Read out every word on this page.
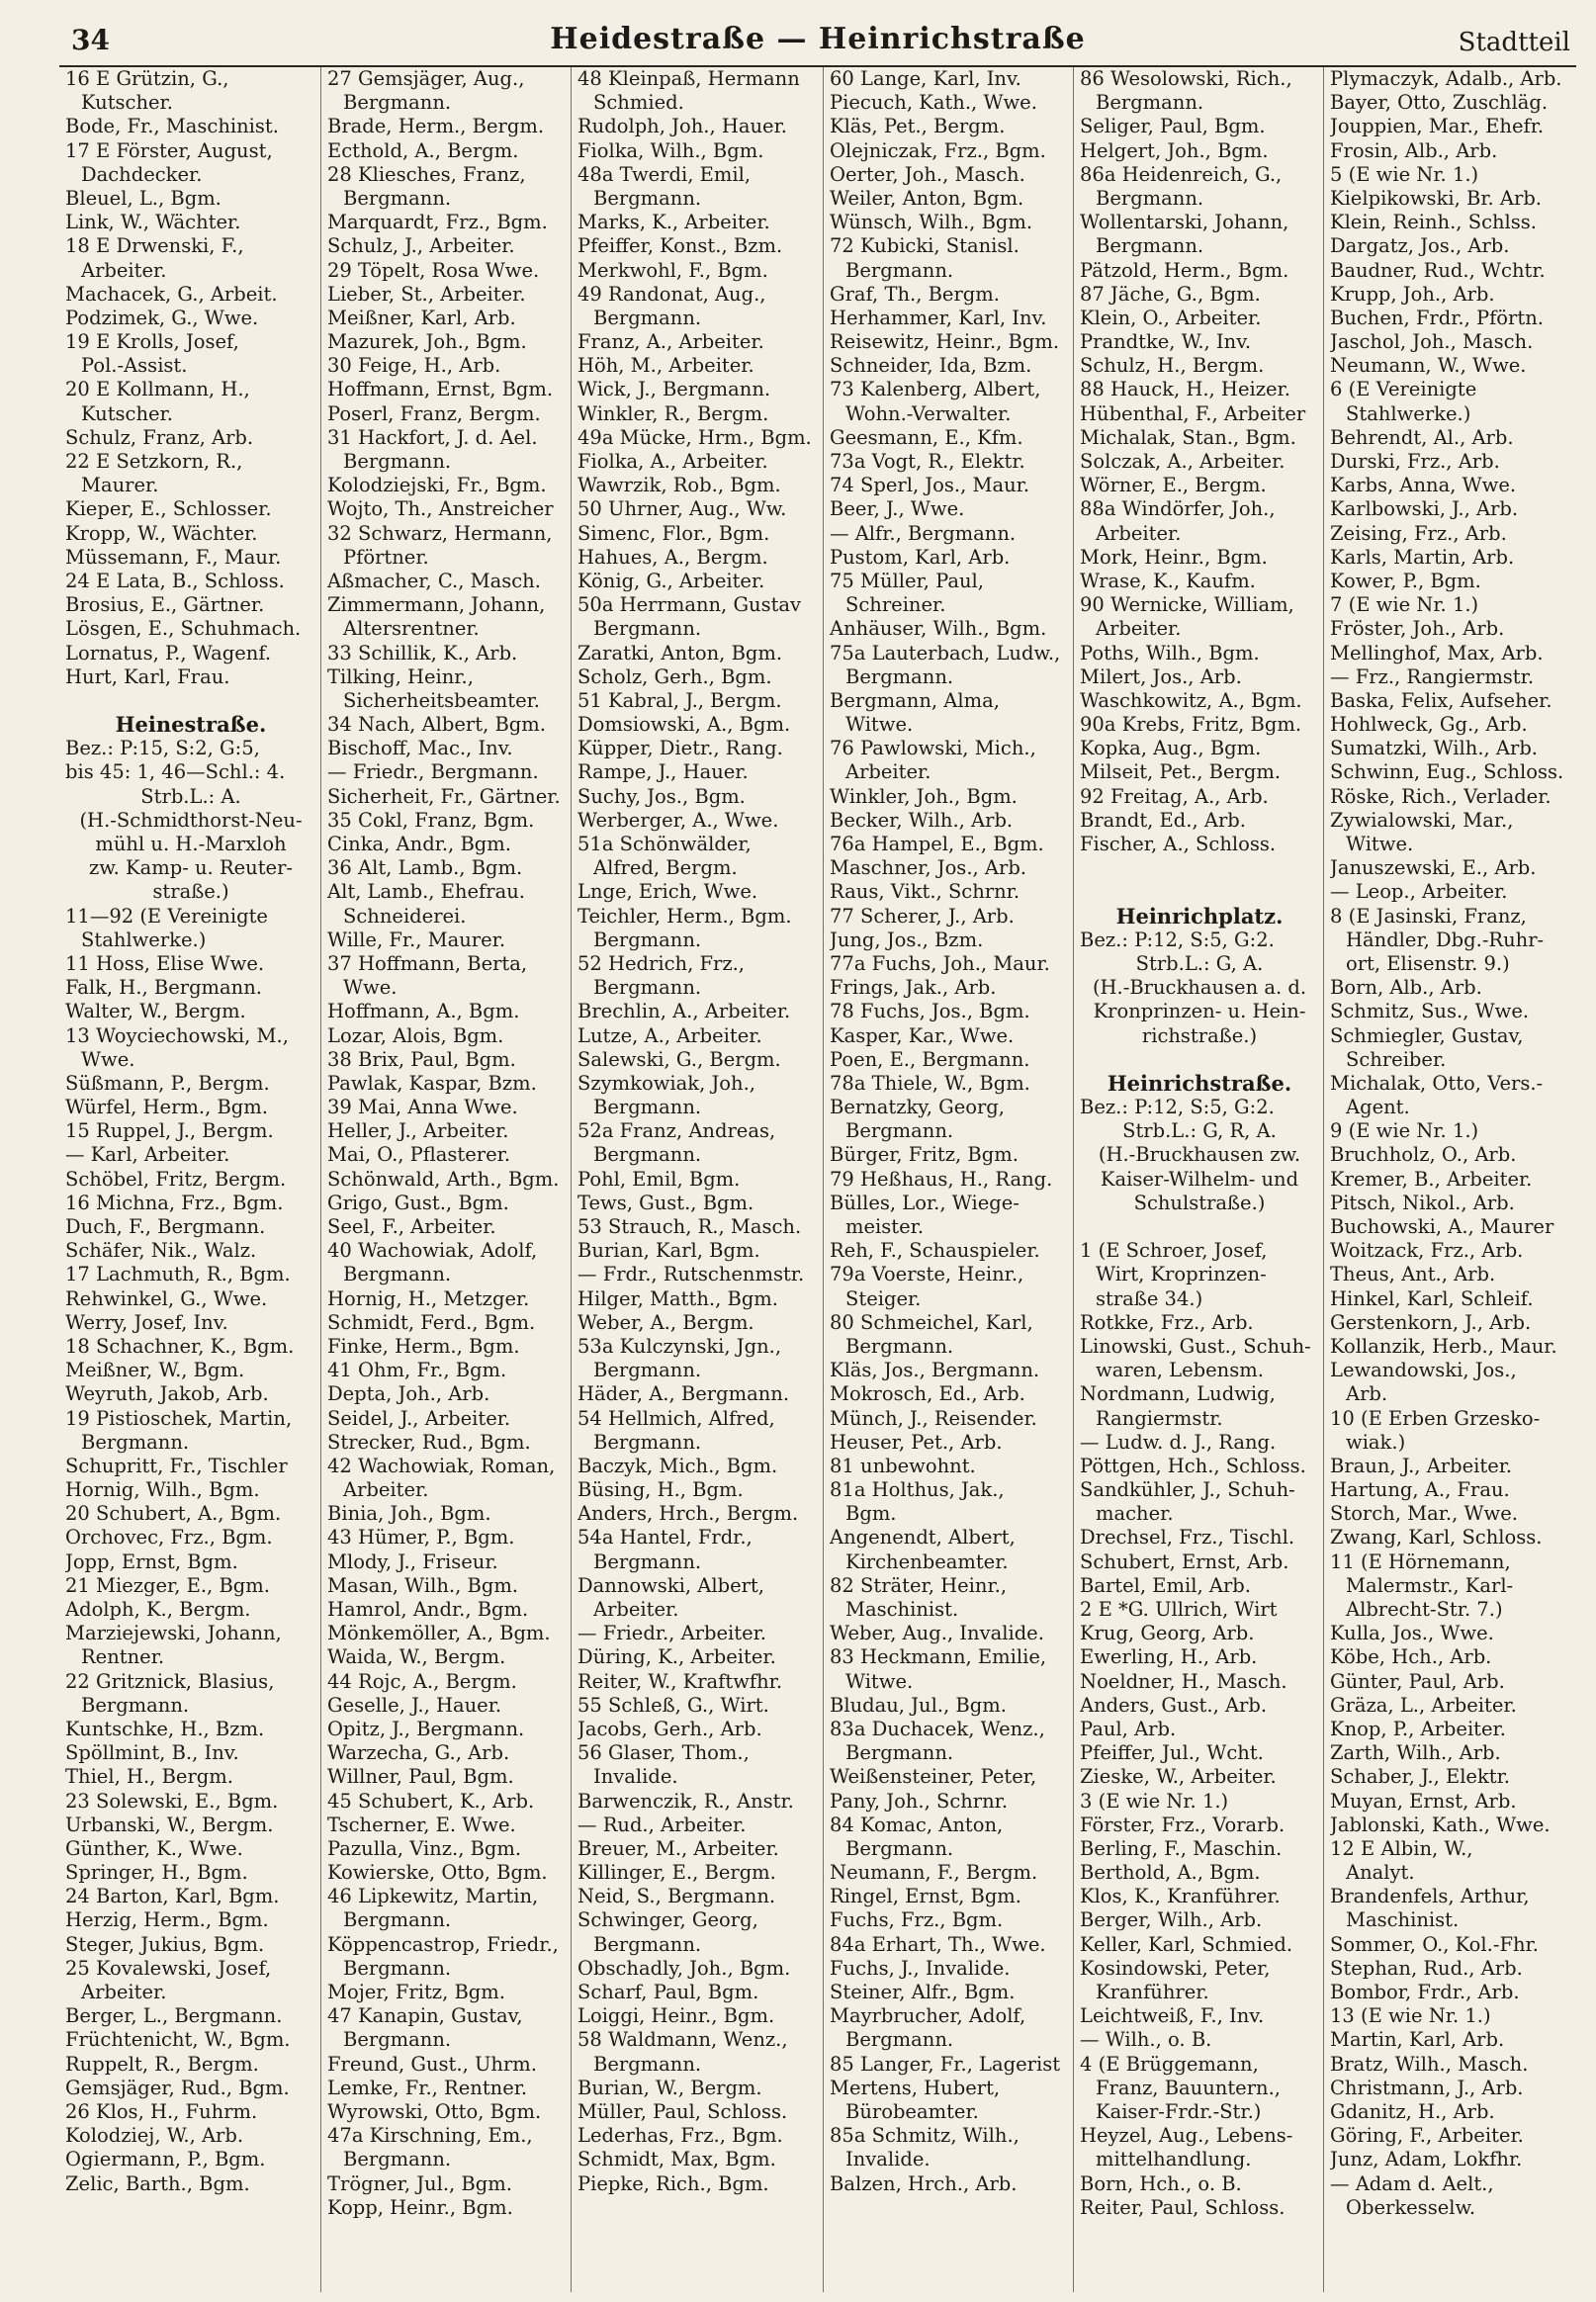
34	Heidestraße — Heinrichstraße	Stadtteil
16 E Grützin, G.,
Kutscher.
Bode, Fr., Maschinist.
17 E Förster, August,
Dachdecker.
Bleuel, L., Bgm.
Link, W., Wächter.
18 E Drwenski, F.,
Arbeiter.
Machacek, G., Arbeit.
Podzimek, G., Wwe.
19 E Krolls, Josef,
Pol.-Assist.
20 E Kollmann, H.,
Kutscher.
Schulz, Franz, Arb.
22 E Setzkorn, R.,
Maurer.
Kieper, E., Schlosser.
Kropp, W., Wächter.
Müssemann, F., Maur.
24 E Lata, B., Schloss.
Brosius, E., Gärtner.
Lösgen, E., Schuhmach.
Lornatus, P., Wagenf.
Hurt, Karl, Frau.
Heinestraße.
Bez.: P:15, S:2, G:5,
bis 45: 1, 46—Schl.: 4.
Strb.L.: A.
(H.-Schmidthorst-Neu-
mühl u. H.-Marxloh
zw. Kamp- u. Reuter-
straße.)
11—92 (E Vereinigte
Stahlwerke.)
11 Hoss, Elise Wwe.
Falk, H., Bergmann.
Walter, W., Bergm.
13 Woyciechowski, M.,
Wwe.
Süßmann, P., Bergm.
Würfel, Herm., Bgm.
15 Ruppel, J., Bergm.
— Karl, Arbeiter.
Schöbel, Fritz, Bergm.
16 Michna, Frz., Bgm.
Duch, F., Bergmann.
Schäfer, Nik., Walz.
17 Lachmuth, R., Bgm.
Rehwinkel, G., Wwe.
Werry, Josef, Inv.
18 Schachner, K., Bgm.
Meißner, W., Bgm.
Weyruth, Jakob, Arb.
19 Pistioschek, Martin,
Bergmann.
Schupritt, Fr., Tischler
Hornig, Wilh., Bgm.
20 Schubert, A., Bgm.
Orchovec, Frz., Bgm.
Jopp, Ernst, Bgm.
21 Miezger, E., Bgm.
Adolph, K., Bergm.
Marziejewski, Johann,
Rentner.
22 Gritznick, Blasius,
Bergmann.
Kuntschke, H., Bzm.
Spöllmint, B., Inv.
Thiel, H., Bergm.
23 Solewski, E., Bgm.
Urbanski, W., Bergm.
Günther, K., Wwe.
Springer, H., Bgm.
24 Barton, Karl, Bgm.
Herzig, Herm., Bgm.
Steger, Jukius, Bgm.
25 Kovalewski, Josef,
Arbeiter.
Berger, L., Bergmann.
Früchtenicht, W., Bgm.
Ruppelt, R., Bergm.
Gemsjäger, Rud., Bgm.
26 Klos, H., Fuhrm.
Kolodziej, W., Arb.
Ogiermann, P., Bgm.
Zelic, Barth., Bgm.
27 Gemsjäger, Aug.,
Bergmann.
Brade, Herm., Bergm.
Ecthold, A., Bergm.
28 Kliesches, Franz,
Bergmann.
Marquardt, Frz., Bgm.
Schulz, J., Arbeiter.
29 Töpelt, Rosa Wwe.
Lieber, St., Arbeiter.
Meißner, Karl, Arb.
Mazurek, Joh., Bgm.
30 Feige, H., Arb.
Hoffmann, Ernst, Bgm.
Poserl, Franz, Bergm.
31 Hackfort, J. d. Ael.
Bergmann.
Kolodziejski, Fr., Bgm.
Wojto, Th., Anstreicher
32 Schwarz, Hermann,
Pförtner.
Aßmacher, C., Masch.
Zimmermann, Johann,
Altersrentner.
33 Schillik, K., Arb.
Tilking, Heinr.,
Sicherheitsbeamter.
34 Nach, Albert, Bgm.
Bischoff, Mac., Inv.
— Friedr., Bergmann.
Sicherheit, Fr., Gärtner.
35 Cokl, Franz, Bgm.
Cinka, Andr., Bgm.
36 Alt, Lamb., Bgm.
Alt, Lamb., Ehefrau.
Schneiderei.
Wille, Fr., Maurer.
37 Hoffmann, Berta,
Wwe.
Hoffmann, A., Bgm.
Lozar, Alois, Bgm.
38 Brix, Paul, Bgm.
Pawlak, Kaspar, Bzm.
39 Mai, Anna Wwe.
Heller, J., Arbeiter.
Mai, O., Pflasterer.
Schönwald, Arth., Bgm.
Grigo, Gust., Bgm.
Seel, F., Arbeiter.
40 Wachowiak, Adolf,
Bergmann.
Hornig, H., Metzger.
Schmidt, Ferd., Bgm.
Finke, Herm., Bgm.
41 Ohm, Fr., Bgm.
Depta, Joh., Arb.
Seidel, J., Arbeiter.
Strecker, Rud., Bgm.
42 Wachowiak, Roman,
Arbeiter.
Binia, Joh., Bgm.
43 Hümer, P., Bgm.
Mlody, J., Friseur.
Masan, Wilh., Bgm.
Hamrol, Andr., Bgm.
Mönkemöller, A., Bgm.
Waida, W., Bergm.
44 Rojc, A., Bergm.
Geselle, J., Hauer.
Opitz, J., Bergmann.
Warzecha, G., Arb.
Willner, Paul, Bgm.
45 Schubert, K., Arb.
Tscherner, E. Wwe.
Pazulla, Vinz., Bgm.
Kowierske, Otto, Bgm.
46 Lipkewitz, Martin,
Bergmann.
Köppencastrop, Friedr.,
Bergmann.
Mojer, Fritz, Bgm.
47 Kanapin, Gustav,
Bergmann.
Freund, Gust., Uhrm.
Lemke, Fr., Rentner.
Wyrowski, Otto, Bgm.
47a Kirschning, Em.,
Bergmann.
Trögner, Jul., Bgm.
Kopp, Heinr., Bgm.
48 Kleinpaß, Hermann
Schmied.
Rudolph, Joh., Hauer.
Fiolka, Wilh., Bgm.
48a Twerdi, Emil,
Bergmann.
Marks, K., Arbeiter.
Pfeiffer, Konst., Bzm.
Merkwohl, F., Bgm.
49 Randonat, Aug.,
Bergmann.
Franz, A., Arbeiter.
Höh, M., Arbeiter.
Wick, J., Bergmann.
Winkler, R., Bergm.
49a Mücke, Hrm., Bgm.
Fiolka, A., Arbeiter.
Wawrzik, Rob., Bgm.
50 Uhrner, Aug., Ww.
Simenc, Flor., Bgm.
Hahues, A., Bergm.
König, G., Arbeiter.
50a Herrmann, Gustav
Bergmann.
Zaratki, Anton, Bgm.
Scholz, Gerh., Bgm.
51 Kabral, J., Bergm.
Domsiowski, A., Bgm.
Küpper, Dietr., Rang.
Rampe, J., Hauer.
Suchy, Jos., Bgm.
Werberger, A., Wwe.
51a Schönwälder,
Alfred, Bergm.
Lnge, Erich, Wwe.
Teichler, Herm., Bgm.
Bergmann.
52 Hedrich, Frz.,
Bergmann.
Brechlin, A., Arbeiter.
Lutze, A., Arbeiter.
Salewski, G., Bergm.
Szymkowiak, Joh.,
Bergmann.
52a Franz, Andreas,
Bergmann.
Pohl, Emil, Bgm.
Tews, Gust., Bgm.
53 Strauch, R., Masch.
Burian, Karl, Bgm.
— Frdr., Rutschenmstr.
Hilger, Matth., Bgm.
Weber, A., Bergm.
53a Kulczynski, Jgn.,
Bergmann.
Häder, A., Bergmann.
54 Hellmich, Alfred,
Bergmann.
Baczyk, Mich., Bgm.
Büsing, H., Bgm.
Anders, Hrch., Bergm.
54a Hantel, Frdr.,
Bergmann.
Dannowski, Albert,
Arbeiter.
— Friedr., Arbeiter.
Düring, K., Arbeiter.
Reiter, W., Kraftwfhr.
55 Schleß, G., Wirt.
Jacobs, Gerh., Arb.
56 Glaser, Thom.,
Invalide.
Barwenczik, R., Anstr.
— Rud., Arbeiter.
Breuer, M., Arbeiter.
Killinger, E., Bergm.
Neid, S., Bergmann.
Schwinger, Georg,
Bergmann.
Obschadly, Joh., Bgm.
Scharf, Paul, Bgm.
Loiggi, Heinr., Bgm.
58 Waldmann, Wenz.,
Bergmann.
Burian, W., Bergm.
Müller, Paul, Schloss.
Lederhas, Frz., Bgm.
Schmidt, Max, Bgm.
Piepke, Rich., Bgm.
60 Lange, Karl, Inv.
Piecuch, Kath., Wwe.
Kläs, Pet., Bergm.
Olejniczak, Frz., Bgm.
Oerter, Joh., Masch.
Weiler, Anton, Bgm.
Wünsch, Wilh., Bgm.
72 Kubicki, Stanisl.
Bergmann.
Graf, Th., Bergm.
Herhammer, Karl, Inv.
Reisewitz, Heinr., Bgm.
Schneider, Ida, Bzm.
73 Kalenberg, Albert,
Wohn.-Verwalter.
Geesmann, E., Kfm.
73a Vogt, R., Elektr.
74 Sperl, Jos., Maur.
Beer, J., Wwe.
— Alfr., Bergmann.
Pustom, Karl, Arb.
75 Müller, Paul,
Schreiner.
Anhäuser, Wilh., Bgm.
75a Lauterbach, Ludw.,
Bergmann.
Bergmann, Alma,
Witwe.
76 Pawlowski, Mich.,
Arbeiter.
Winkler, Joh., Bgm.
Becker, Wilh., Arb.
76a Hampel, E., Bgm.
Maschner, Jos., Arb.
Raus, Vikt., Schrnr.
77 Scherer, J., Arb.
Jung, Jos., Bzm.
77a Fuchs, Joh., Maur.
Frings, Jak., Arb.
78 Fuchs, Jos., Bgm.
Kasper, Kar., Wwe.
Poen, E., Bergmann.
78a Thiele, W., Bgm.
Bernatzky, Georg,
Bergmann.
Bürger, Fritz, Bgm.
79 Heßhaus, H., Rang.
Bülles, Lor., Wiege-
meister.
Reh, F., Schauspieler.
79a Voerste, Heinr.,
Steiger.
80 Schmeichel, Karl,
Bergmann.
Kläs, Jos., Bergmann.
Mokrosch, Ed., Arb.
Münch, J., Reisender.
Heuser, Pet., Arb.
81 unbewohnt.
81a Holthus, Jak.,
Bgm.
Angenendt, Albert,
Kirchenbeamter.
82 Sträter, Heinr.,
Maschinist.
Weber, Aug., Invalide.
83 Heckmann, Emilie,
Witwe.
Bludau, Jul., Bgm.
83a Duchacek, Wenz.,
Bergmann.
Weißensteiner, Peter,
Pany, Joh., Schrnr.
84 Komac, Anton,
Bergmann.
Neumann, F., Bergm.
Ringel, Ernst, Bgm.
Fuchs, Frz., Bgm.
84a Erhart, Th., Wwe.
Fuchs, J., Invalide.
Steiner, Alfr., Bgm.
Mayrbrucher, Adolf,
Bergmann.
85 Langer, Fr., Lagerist
Mertens, Hubert,
Bürobeamter.
85a Schmitz, Wilh.,
Invalide.
Balzen, Hrch., Arb.
86 Wesolowski, Rich.,
Bergmann.
Seliger, Paul, Bgm.
Helgert, Joh., Bgm.
86a Heidenreich, G.,
Bergmann.
Wollentarski, Johann,
Bergmann.
Pätzold, Herm., Bgm.
87 Jäche, G., Bgm.
Klein, O., Arbeiter.
Prandtke, W., Inv.
Schulz, H., Bergm.
88 Hauck, H., Heizer.
Hübenthal, F., Arbeiter
Michalak, Stan., Bgm.
Solczak, A., Arbeiter.
Wörner, E., Bergm.
88a Windörfer, Joh.,
Arbeiter.
Mork, Heinr., Bgm.
Wrase, K., Kaufm.
90 Wernicke, William,
Arbeiter.
Poths, Wilh., Bgm.
Milert, Jos., Arb.
Waschkowitz, A., Bgm.
90a Krebs, Fritz, Bgm.
Kopka, Aug., Bgm.
Milseit, Pet., Bergm.
92 Freitag, A., Arb.
Brandt, Ed., Arb.
Fischer, A., Schloss.
Heinrichplatz.
Bez.: P:12, S:5, G:2.
Strb.L.: G, A.
(H.-Bruckhausen a. d.
Kronprinzen- u. Hein-
richstraße.)
Heinrichstraße.
Bez.: P:12, S:5, G:2.
Strb.L.: G, R, A.
(H.-Bruckhausen zw.
Kaiser-Wilhelm- und
Schulstraße.)
1 (E Schroer, Josef,
Wirt, Kroprinzen-
straße 34.)
Rotkke, Frz., Arb.
Linowski, Gust., Schuh-
waren, Lebensm.
Nordmann, Ludwig,
Rangiermstr.
— Ludw. d. J., Rang.
Pöttgen, Hch., Schloss.
Sandkühler, J., Schuh-
macher.
Drechsel, Frz., Tischl.
Schubert, Ernst, Arb.
Bartel, Emil, Arb.
2 E *G. Ullrich, Wirt
Krug, Georg, Arb.
Ewerling, H., Arb.
Noeldner, H., Masch.
Anders, Gust., Arb.
Paul, Arb.
Pfeiffer, Jul., Wcht.
Zieske, W., Arbeiter.
3 (E wie Nr. 1.)
Förster, Frz., Vorarb.
Berling, F., Maschin.
Berthold, A., Bgm.
Klos, K., Kranführer.
Berger, Wilh., Arb.
Keller, Karl, Schmied.
Kosindowski, Peter,
Kranführer.
Leichtweiß, F., Inv.
— Wilh., o. B.
4 (E Brüggemann,
Franz, Bauuntern.,
Kaiser-Frdr.-Str.)
Heyzel, Aug., Lebens-
mittelhandlung.
Born, Hch., o. B.
Reiter, Paul, Schloss.
Plymaczyk, Adalb., Arb.
Bayer, Otto, Zuschläg.
Jouppien, Mar., Ehefr.
Frosin, Alb., Arb.
5 (E wie Nr. 1.)
Kielpikowski, Br. Arb.
Klein, Reinh., Schlss.
Dargatz, Jos., Arb.
Baudner, Rud., Wchtr.
Krupp, Joh., Arb.
Buchen, Frdr., Pförtn.
Jaschol, Joh., Masch.
Neumann, W., Wwe.
6 (E Vereinigte
Stahlwerke.)
Behrendt, Al., Arb.
Durski, Frz., Arb.
Karbs, Anna, Wwe.
Karlbowski, J., Arb.
Zeising, Frz., Arb.
Karls, Martin, Arb.
Kower, P., Bgm.
7 (E wie Nr. 1.)
Fröster, Joh., Arb.
Mellinghof, Max, Arb.
— Frz., Rangiermstr.
Baska, Felix, Aufseher.
Hohlweck, Gg., Arb.
Sumatzki, Wilh., Arb.
Schwinn, Eug., Schloss.
Röske, Rich., Verlader.
Zywialowski, Mar.,
Witwe.
Januszewski, E., Arb.
— Leop., Arbeiter.
8 (E Jasinski, Franz,
Händler, Dbg.-Ruhr-
ort, Elisenstr. 9.)
Born, Alb., Arb.
Schmitz, Sus., Wwe.
Schmiegler, Gustav,
Schreiber.
Michalak, Otto, Vers.-
Agent.
9 (E wie Nr. 1.)
Bruchholz, O., Arb.
Kremer, B., Arbeiter.
Pitsch, Nikol., Arb.
Buchowski, A., Maurer
Woitzack, Frz., Arb.
Theus, Ant., Arb.
Hinkel, Karl, Schleif.
Gerstenkorn, J., Arb.
Kollanzik, Herb., Maur.
Lewandowski, Jos.,
Arb.
10 (E Erben Grzesko-
wiak.)
Braun, J., Arbeiter.
Hartung, A., Frau.
Storch, Mar., Wwe.
Zwang, Karl, Schloss.
11 (E Hörnemann,
Malermstr., Karl-
Albrecht-Str. 7.)
Kulla, Jos., Wwe.
Köbe, Hch., Arb.
Günter, Paul, Arb.
Gräza, L., Arbeiter.
Knop, P., Arbeiter.
Zarth, Wilh., Arb.
Schaber, J., Elektr.
Muyan, Ernst, Arb.
Jablonski, Kath., Wwe.
12 E Albin, W.,
Analyt.
Brandenfels, Arthur,
Maschinist.
Sommer, O., Kol.-Fhr.
Stephan, Rud., Arb.
Bombor, Frdr., Arb.
13 (E wie Nr. 1.)
Martin, Karl, Arb.
Bratz, Wilh., Masch.
Christmann, J., Arb.
Gdanitz, H., Arb.
Göring, F., Arbeiter.
Junz, Adam, Lokfhr.
— Adam d. Aelt.,
Oberkesselw.
